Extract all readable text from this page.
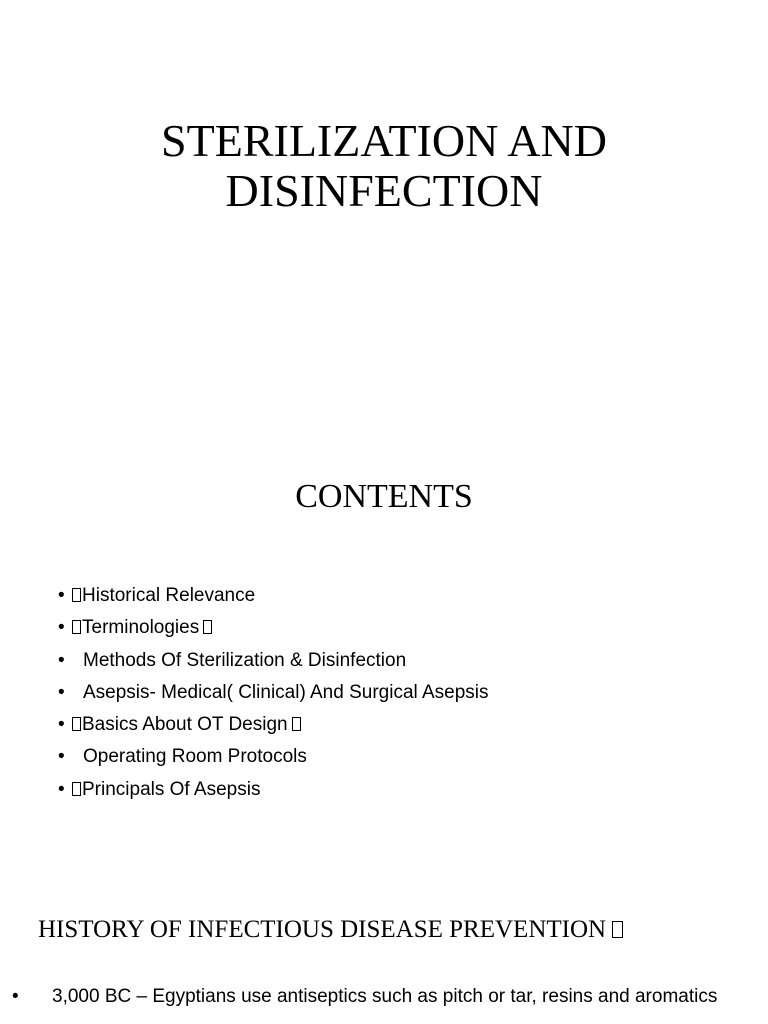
STERILIZATION AND
DISINFECTION
CONTENTS
• Historical Relevance
• Terminologies
• Methods Of Sterilization & Disinfection
• Asepsis- Medical( Clinical) And Surgical Asepsis
• Basics About OT Design
• Operating Room Protocols
• Principals Of Asepsis
HISTORY OF INFECTIOUS DISEASE PREVENTION
• 3,000 BC – Egyptians use antiseptics such as pitch or tar, resins and aromatics
